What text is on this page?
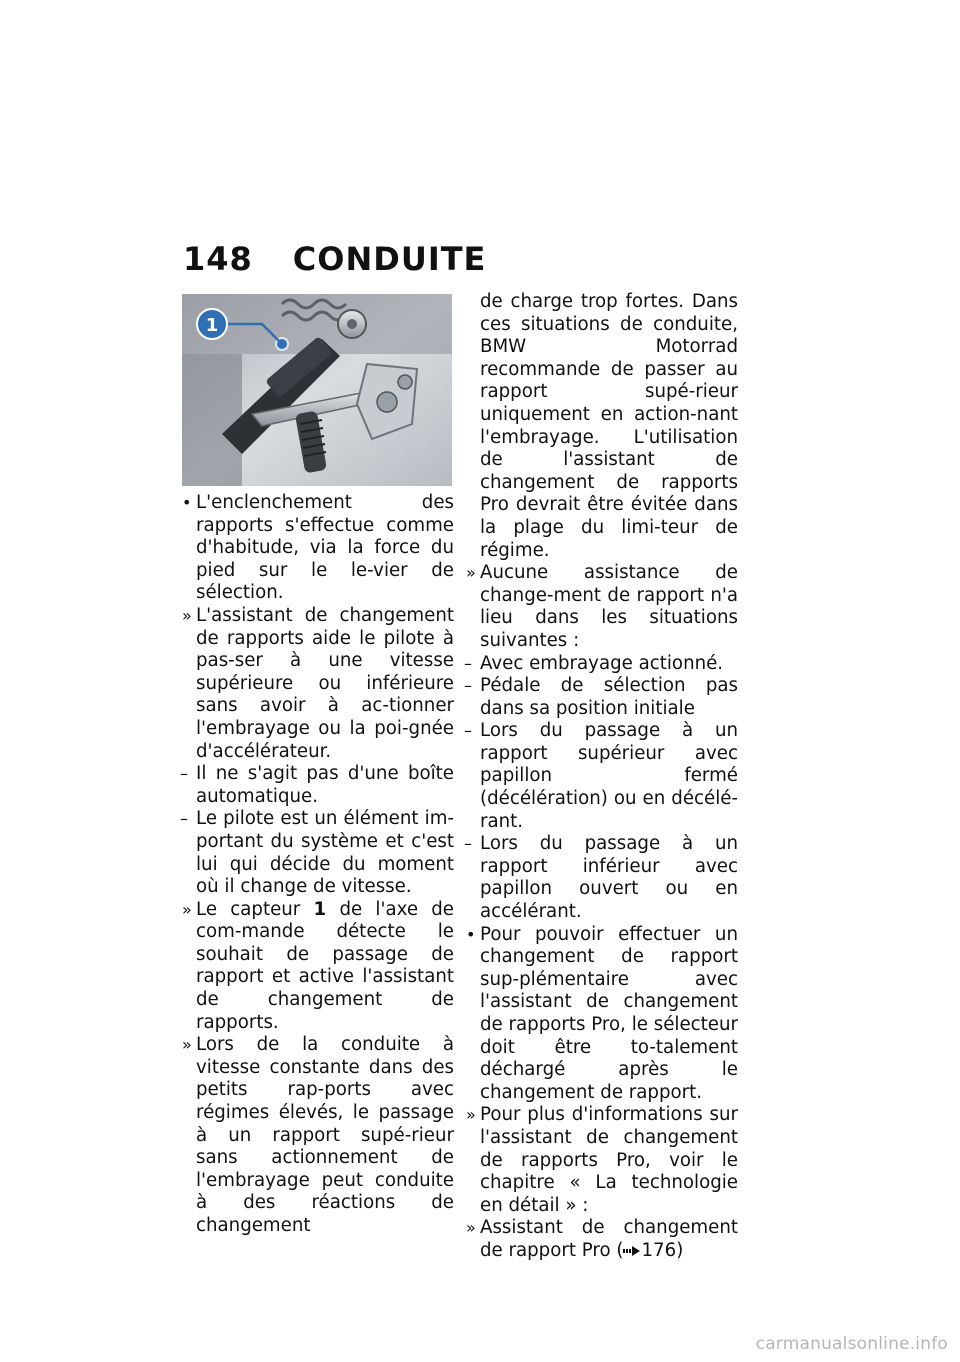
148 CONDUITE
1

• L'enclenchement des rapports s'effectue comme d'habitude, via la force du pied sur le le-vier de sélection.

» L'assistant de changement de rapports aide le pilote à pas-ser à une vitesse supérieure ou inférieure sans avoir à ac-tionner l'embrayage ou la poi-gnée d'accélérateur.

– Il ne s'agit pas d'une boîte automatique.

– Le pilote est un élément im-portant du système et c'est lui qui décide du moment où il change de vitesse.

» Le capteur 1 de l'axe de com-mande détecte le souhait de passage de rapport et active l'assistant de changement de rapports.

» Lors de la conduite à vitesse constante dans des petits rap-ports avec régimes élevés, le passage à un rapport supé-rieur sans actionnement de l'embrayage peut conduite à des réactions de changement

de charge trop fortes. Dans ces situations de conduite, BMW Motorrad recommande de passer au rapport supé-rieur uniquement en action-nant l'embrayage. L'utilisation de l'assistant de changement de rapports Pro devrait être évitée dans la plage du limi-teur de régime.

» Aucune assistance de change-ment de rapport n'a lieu dans les situations suivantes :

– Avec embrayage actionné.

– Pédale de sélection pas dans sa position initiale

– Lors du passage à un rapport supérieur avec papillon fermé (décélération) ou en décélé-rant.

– Lors du passage à un rapport inférieur avec papillon ouvert ou en accélérant.

• Pour pouvoir effectuer un changement de rapport sup-plémentaire avec l'assistant de changement de rapports Pro, le sélecteur doit être to-talement déchargé après le changement de rapport.

» Pour plus d'informations sur l'assistant de changement de rapports Pro, voir le chapitre « La technologie en détail » :

» Assistant de changement de rapport Pro ( 176)

carmanualsonline.info
